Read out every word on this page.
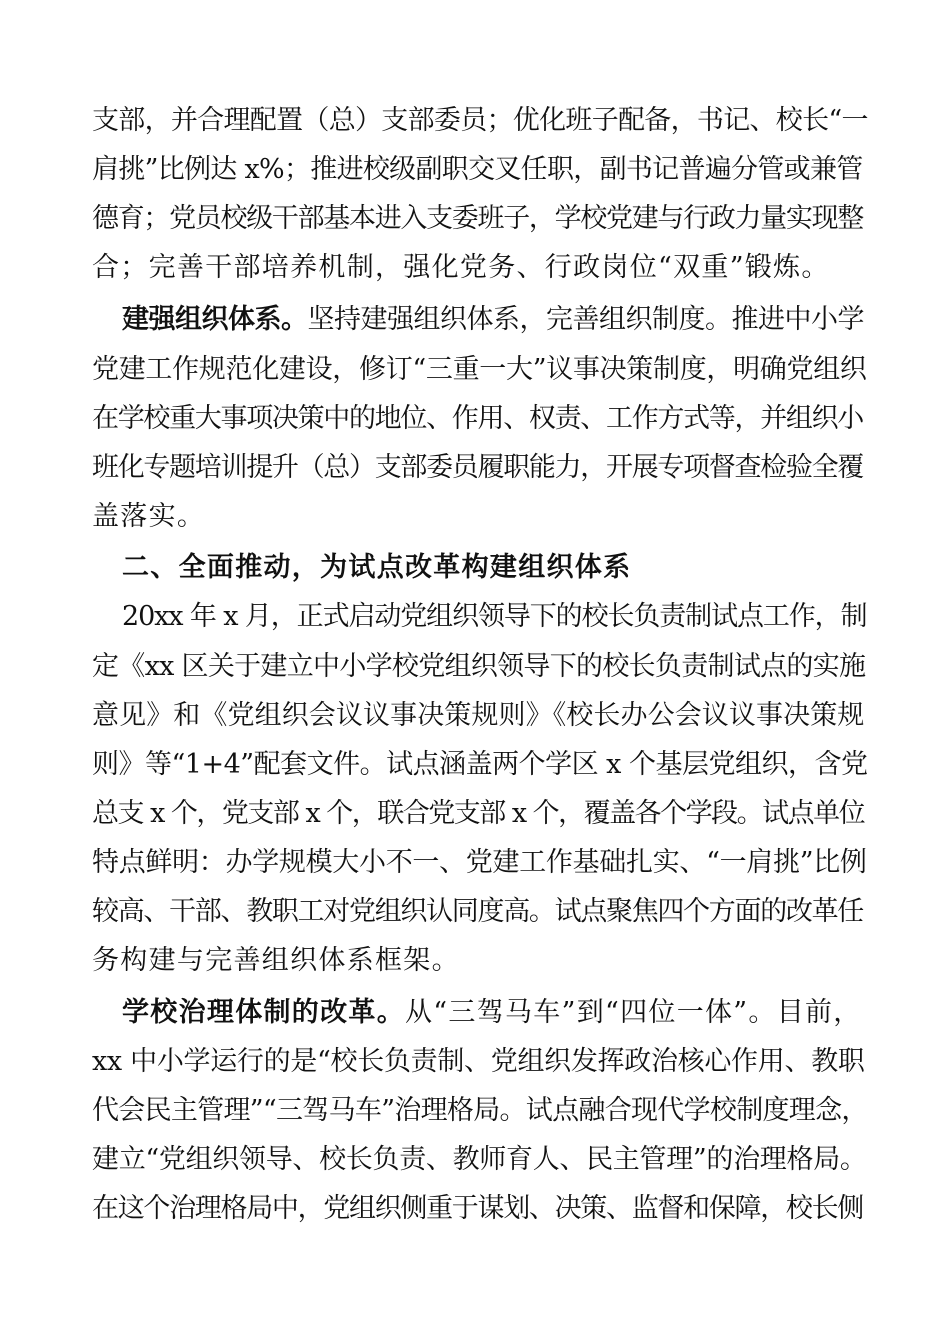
支部，并合理配置（总）支部委员；优化班子配备，书记、校长“一
肩挑”比例达 x%；推进校级副职交叉任职，副书记普遍分管或兼管
德育；党员校级干部基本进入支委班子，学校党建与行政力量实现整
合；完善干部培养机制，强化党务、行政岗位“双重”锻炼。
建强组织体系。坚持建强组织体系，完善组织制度。推进中小学
党建工作规范化建设，修订“三重一大”议事决策制度，明确党组织
在学校重大事项决策中的地位、作用、权责、工作方式等，并组织小
班化专题培训提升（总）支部委员履职能力，开展专项督查检验全覆
盖落实。
二、全面推动，为试点改革构建组织体系
20xx 年 x 月，正式启动党组织领导下的校长负责制试点工作，制
定《xx 区关于建立中小学校党组织领导下的校长负责制试点的实施
意见》和《党组织会议议事决策规则》《校长办公会议议事决策规
则》等“1+4”配套文件。试点涵盖两个学区 x 个基层党组织，含党
总支 x 个，党支部 x 个，联合党支部 x 个，覆盖各个学段。试点单位
特点鲜明：办学规模大小不一、党建工作基础扎实、“一肩挑”比例
较高、干部、教职工对党组织认同度高。试点聚焦四个方面的改革任
务构建与完善组织体系框架。
学校治理体制的改革。从“三驾马车”到“四位一体”。目前，
xx 中小学运行的是“校长负责制、党组织发挥政治核心作用、教职
代会民主管理”“三驾马车”治理格局。试点融合现代学校制度理念，
建立“党组织领导、校长负责、教师育人、民主管理”的治理格局。
在这个治理格局中，党组织侧重于谋划、决策、监督和保障，校长侧
